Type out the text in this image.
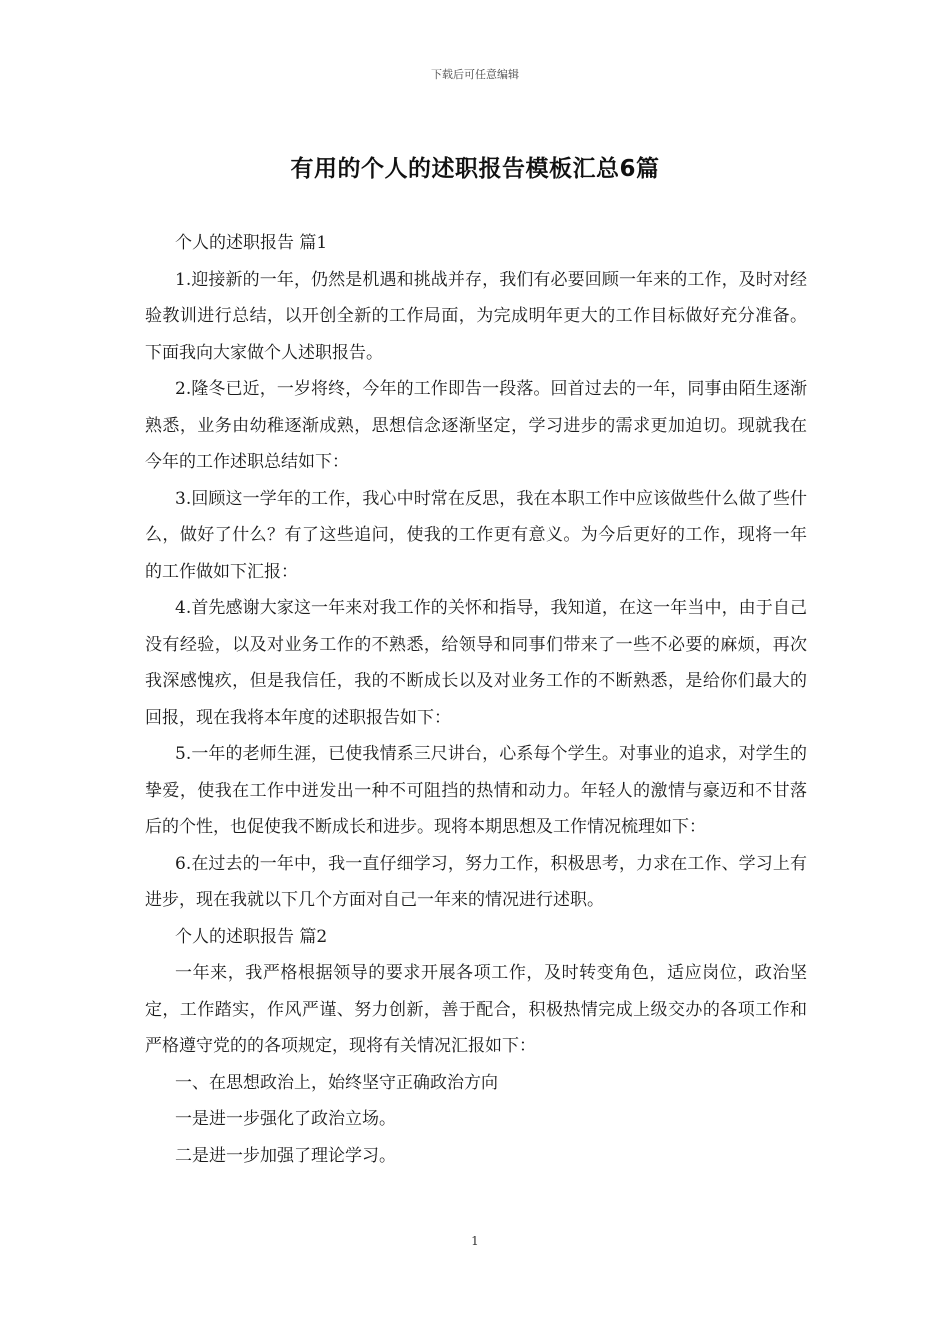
下载后可任意编辑
有用的个人的述职报告模板汇总6篇

个人的述职报告 篇1

1.迎接新的一年，仍然是机遇和挑战并存，我们有必要回顾一年来的工作，及时对经验教训进行总结，以开创全新的工作局面，为完成明年更大的工作目标做好充分准备。下面我向大家做个人述职报告。

2.隆冬已近，一岁将终，今年的工作即告一段落。回首过去的一年，同事由陌生逐渐熟悉，业务由幼稚逐渐成熟，思想信念逐渐坚定，学习进步的需求更加迫切。现就我在今年的工作述职总结如下：

3.回顾这一学年的工作，我心中时常在反思，我在本职工作中应该做些什么做了些什么，做好了什么？有了这些追问，使我的工作更有意义。为今后更好的工作，现将一年的工作做如下汇报：

4.首先感谢大家这一年来对我工作的关怀和指导，我知道，在这一年当中，由于自己没有经验，以及对业务工作的不熟悉，给领导和同事们带来了一些不必要的麻烦，再次我深感愧疚，但是我信任，我的不断成长以及对业务工作的不断熟悉，是给你们最大的回报，现在我将本年度的述职报告如下：

5.一年的老师生涯，已使我情系三尺讲台，心系每个学生。对事业的追求，对学生的挚爱，使我在工作中迸发出一种不可阻挡的热情和动力。年轻人的激情与豪迈和不甘落后的个性，也促使我不断成长和进步。现将本期思想及工作情况梳理如下：

6.在过去的一年中，我一直仔细学习，努力工作，积极思考，力求在工作、学习上有进步，现在我就以下几个方面对自己一年来的情况进行述职。

个人的述职报告 篇2

一年来，我严格根据领导的要求开展各项工作，及时转变角色，适应岗位，政治坚定，工作踏实，作风严谨、努力创新，善于配合，积极热情完成上级交办的各项工作和严格遵守党的的各项规定，现将有关情况汇报如下：

一、在思想政治上，始终坚守正确政治方向

一是进一步强化了政治立场。

二是进一步加强了理论学习。

1
